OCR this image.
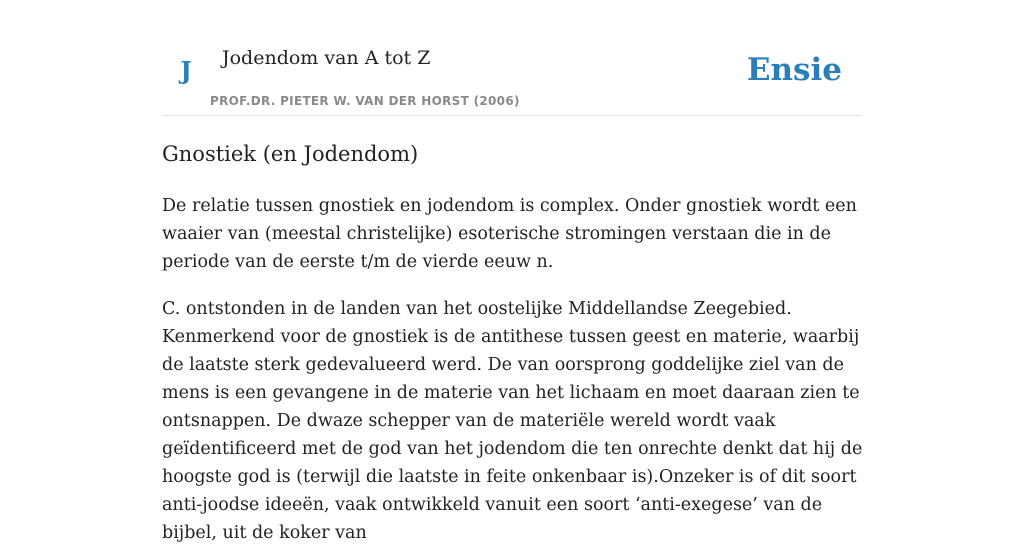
J Jodendom van A tot Z
PROF.DR. PIETER W. VAN DER HORST (2006)
Ensie
Gnostiek (en Jodendom)

De relatie tussen gnostiek en jodendom is complex. Onder gnostiek wordt een waaier van (meestal christelijke) esoterische stromingen verstaan die in de periode van de eerste t/m de vierde eeuw n.

C. ontstonden in de landen van het oostelijke Middellandse Zeegebied. Kenmerkend voor de gnostiek is de antithese tussen geest en materie, waarbij de laatste sterk gedevalueerd werd. De van oorsprong goddelijke ziel van de mens is een gevangene in de materie van het lichaam en moet daaraan zien te ontsnappen. De dwaze schepper van de materiële wereld wordt vaak geïdentificeerd met de god van het jodendom die ten onrechte denkt dat hij de hoogste god is (terwijl die laatste in feite onkenbaar is).Onzeker is of dit soort anti-joodse ideeën, vaak ontwikkeld vanuit een soort ‘anti-exegese’ van de bijbel, uit de koker van
